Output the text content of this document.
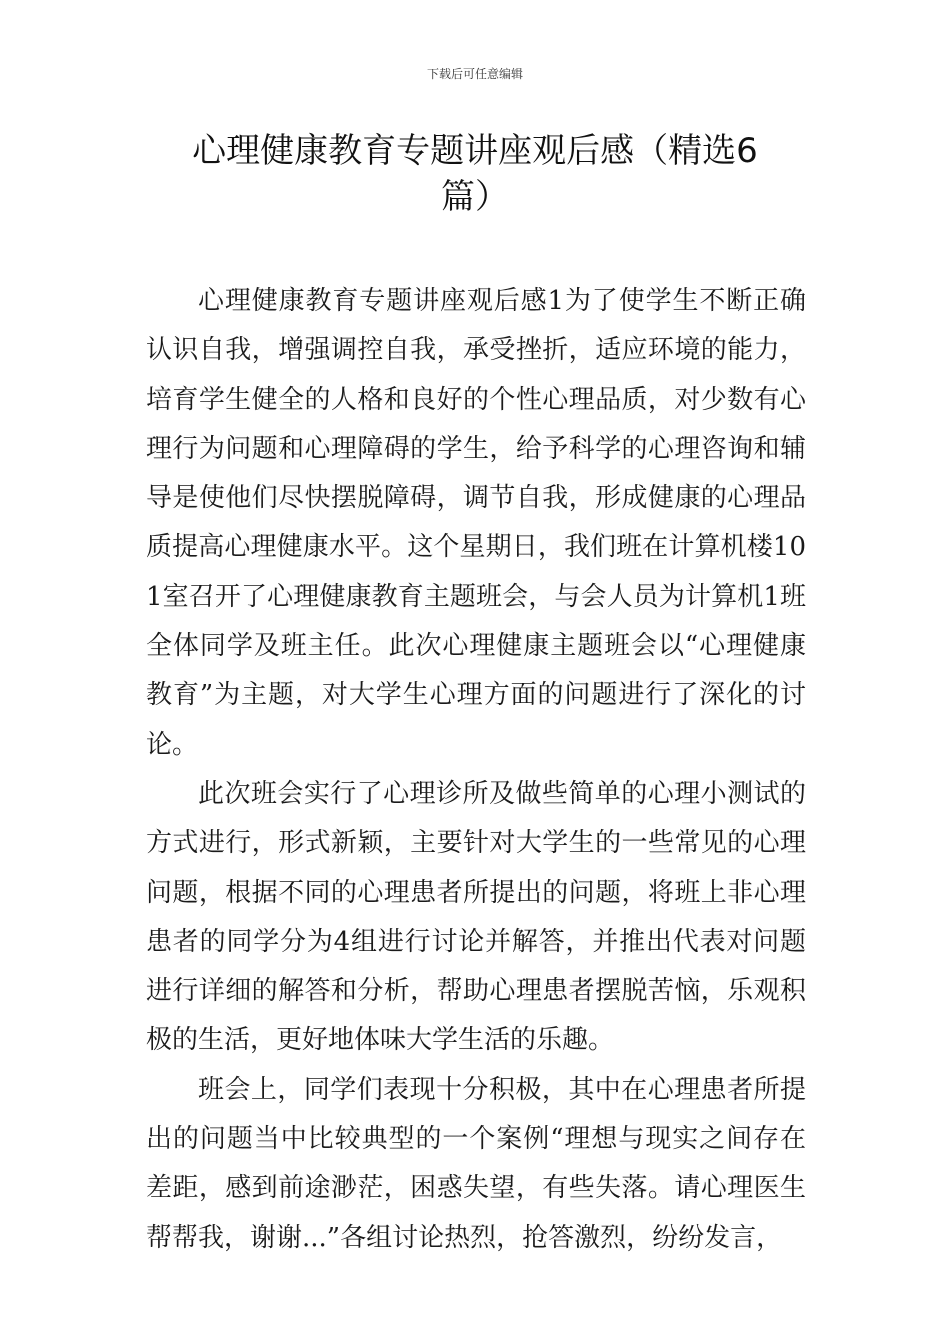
下载后可任意编辑
心理健康教育专题讲座观后感（精选6篇）

心理健康教育专题讲座观后感1为了使学生不断正确认识自我，增强调控自我，承受挫折，适应环境的能力，培育学生健全的人格和良好的个性心理品质，对少数有心理行为问题和心理障碍的学生，给予科学的心理咨询和辅导是使他们尽快摆脱障碍，调节自我，形成健康的心理品质提高心理健康水平。这个星期日，我们班在计算机楼101室召开了心理健康教育主题班会，与会人员为计算机1班全体同学及班主任。此次心理健康主题班会以“心理健康教育”为主题，对大学生心理方面的问题进行了深化的讨论。

此次班会实行了心理诊所及做些简单的心理小测试的方式进行，形式新颖，主要针对大学生的一些常见的心理问题，根据不同的心理患者所提出的问题，将班上非心理患者的同学分为4组进行讨论并解答，并推出代表对问题进行详细的解答和分析，帮助心理患者摆脱苦恼，乐观积极的生活，更好地体味大学生活的乐趣。

班会上，同学们表现十分积极，其中在心理患者所提出的问题当中比较典型的一个案例“理想与现实之间存在差距，感到前途渺茫，困惑失望，有些失落。请心理医生帮帮我，谢谢...”各组讨论热烈，抢答激烈，纷纷发言，
